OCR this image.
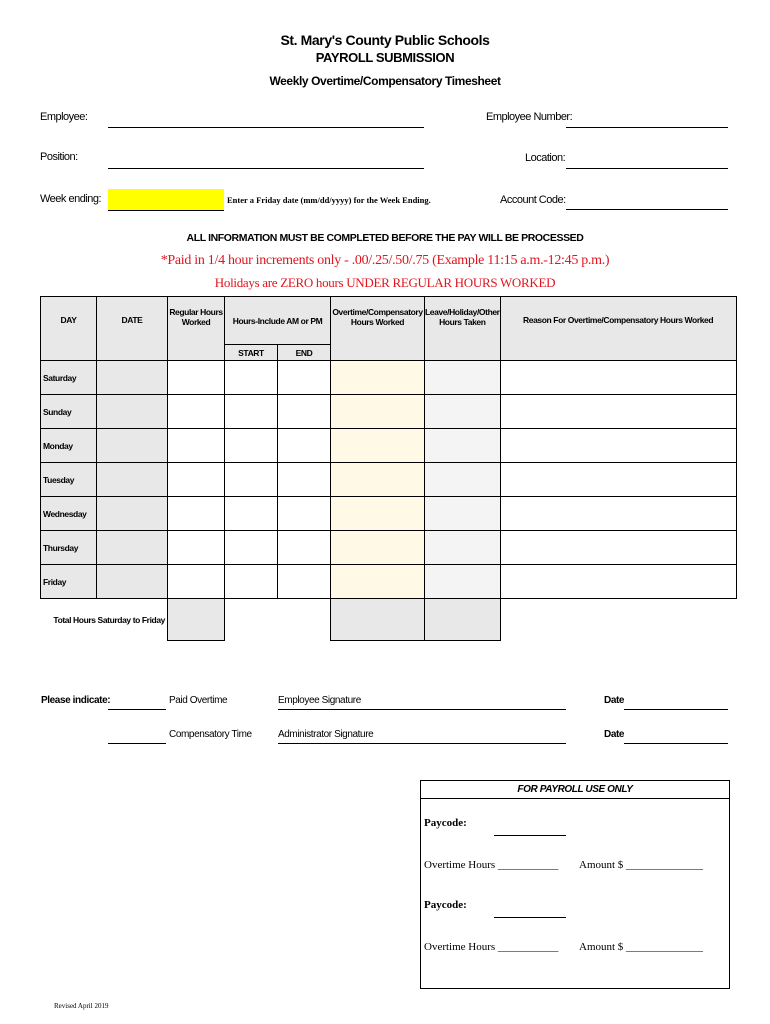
St. Mary's County Public Schools
PAYROLL SUBMISSION
Weekly Overtime/Compensatory Timesheet
Employee:	Employee Number:
Position:	Location:
Week ending:	Enter a Friday date (mm/dd/yyyy) for the Week Ending.	Account Code:
ALL INFORMATION MUST BE COMPLETED BEFORE THE PAY WILL BE PROCESSED
*Paid in 1/4 hour increments only - .00/.25/.50/.75 (Example 11:15 a.m.-12:45 p.m.)
Holidays are ZERO hours UNDER REGULAR HOURS WORKED
DAY	DATE	Regular Hours Worked	Hours-Include AM or PM		Overtime/Compensatory Hours Worked	Leave/Holiday/Other Hours Taken	Reason For Overtime/Compensatory Hours Worked
			START	END			
Saturday							
Sunday							
Monday							
Tuesday							
Wednesday							
Thursday							
Friday							
Total Hours Saturday to Friday							
Please indicate:	Paid Overtime	Employee Signature	Date
Compensatory Time	Administrator Signature	Date
FOR PAYROLL USE ONLY
Paycode:
Overtime Hours ___________ Amount $ ______________
Paycode:
Overtime Hours ___________ Amount $ ______________
Revised April 2019
